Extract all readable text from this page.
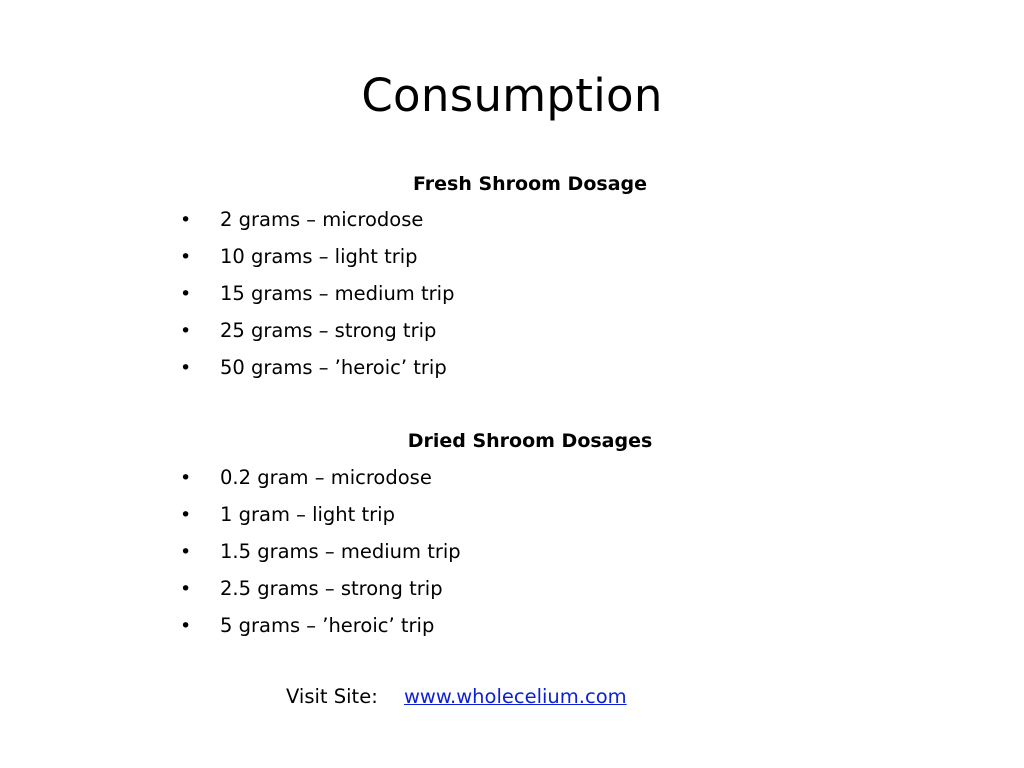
Consumption
Fresh Shroom Dosage
• 2 grams – microdose
• 10 grams – light trip
• 15 grams – medium trip
• 25 grams – strong trip
• 50 grams – ’heroic’ trip
Dried Shroom Dosages
• 0.2 gram – microdose
• 1 gram – light trip
• 1.5 grams – medium trip
• 2.5 grams – strong trip
• 5 grams – ’heroic’ trip
Visit Site: www.wholecelium.com
